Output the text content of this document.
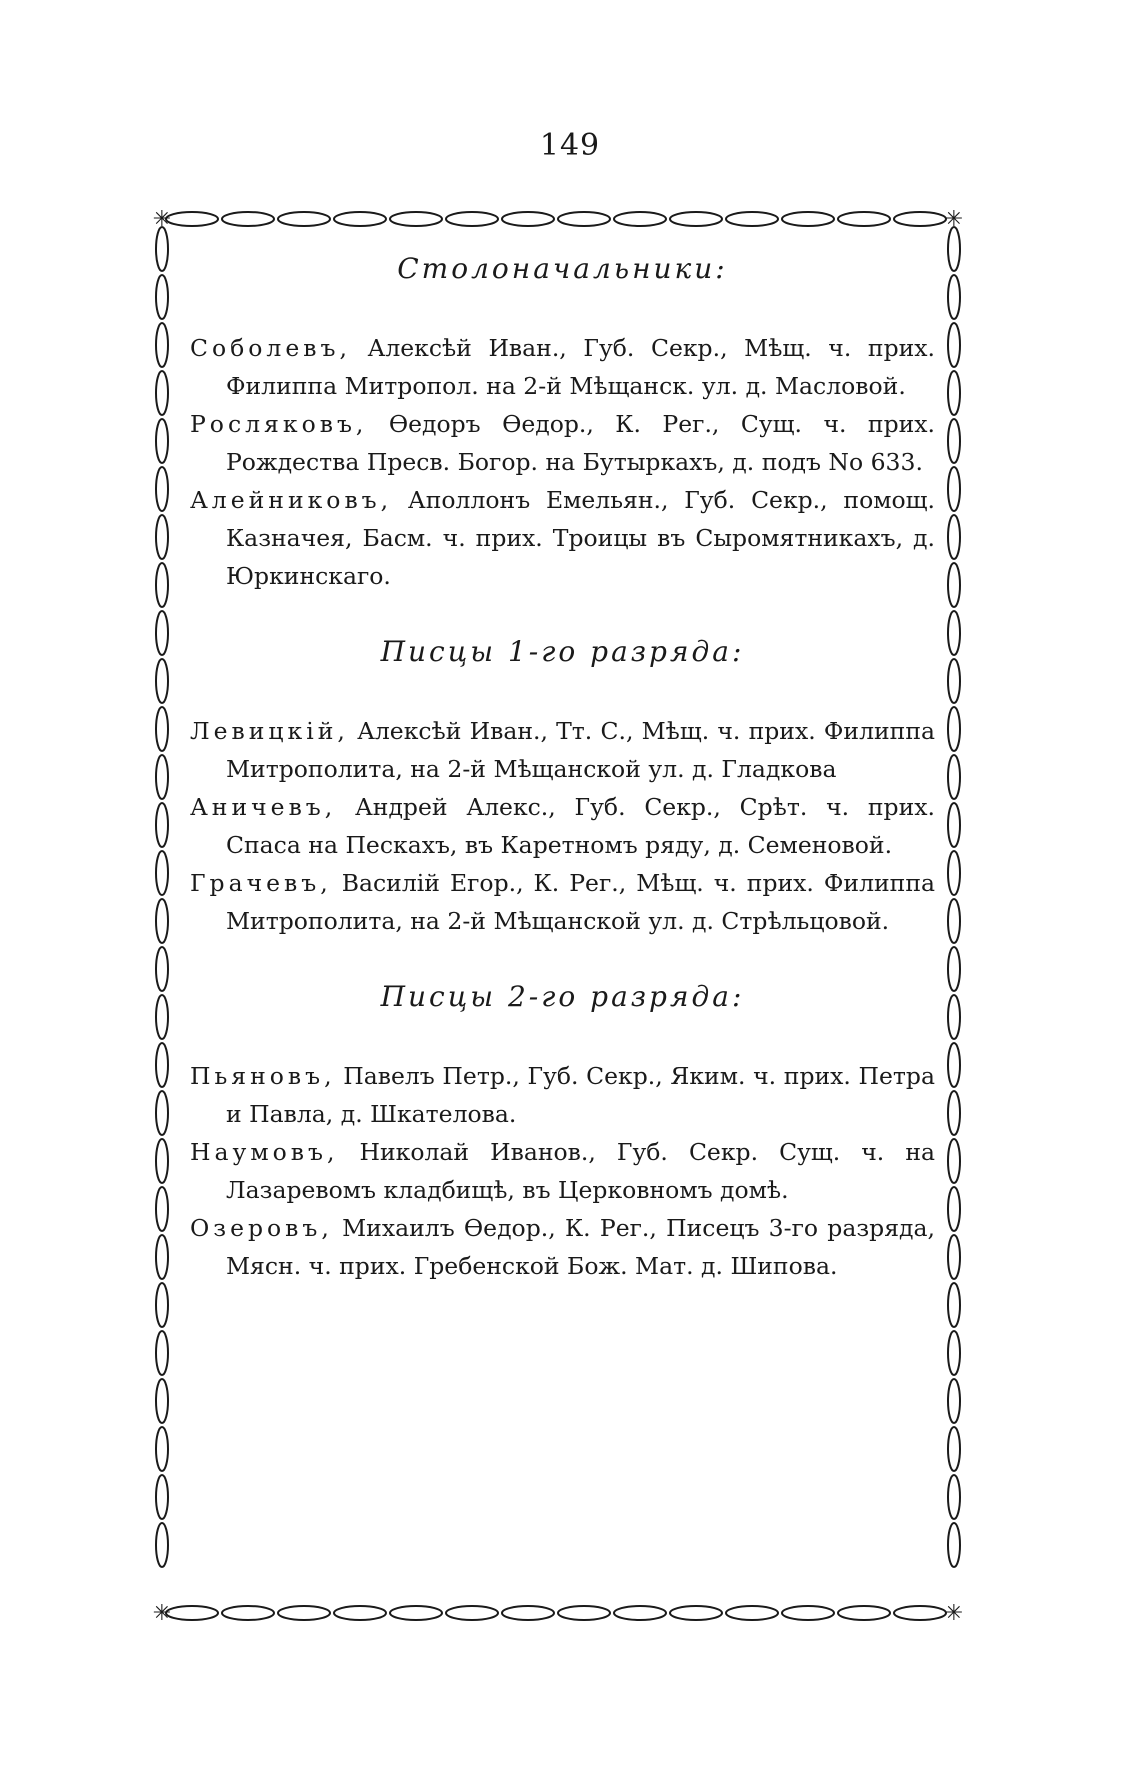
149
✳	✳
✳	✳
Столоначальники:

Соболевъ, Алексѣй Иван., Губ. Секр., Мѣщ. ч. прих. Филиппа Митропол. на 2-й Мѣщанск. ул. д. Масловой.

Росляковъ, Ѳедоръ Ѳедор., К. Рег., Сущ. ч. прих. Рождества Пресв. Богор. на Бутыркахъ, д. подъ No 633.

Алейниковъ, Аполлонъ Емельян., Губ. Секр., помощ. Казначея, Басм. ч. прих. Троицы въ Сыромятникахъ, д. Юркинскаго.

Писцы 1-го разряда:

Левицкій, Алексѣй Иван., Тт. С., Мѣщ. ч. прих. Филиппа Митрополита, на 2-й Мѣщанской ул. д. Гладкова

Аничевъ, Андрей Алекс., Губ. Секр., Срѣт. ч. прих. Спаса на Пескахъ, въ Каретномъ ряду, д. Семеновой.

Грачевъ, Василій Егор., К. Рег., Мѣщ. ч. прих. Филиппа Митрополита, на 2-й Мѣщанской ул. д. Стрѣльцовой.

Писцы 2-го разряда:

Пьяновъ, Павелъ Петр., Губ. Секр., Яким. ч. прих. Петра и Павла, д. Шкателова.

Наумовъ, Николай Иванов., Губ. Секр. Сущ. ч. на Лазаревомъ кладбищѣ, въ Церковномъ домѣ.

Озеровъ, Михаилъ Ѳедор., К. Рег., Писецъ 3-го разряда, Мясн. ч. прих. Гребенской Бож. Мат. д. Шипова.
